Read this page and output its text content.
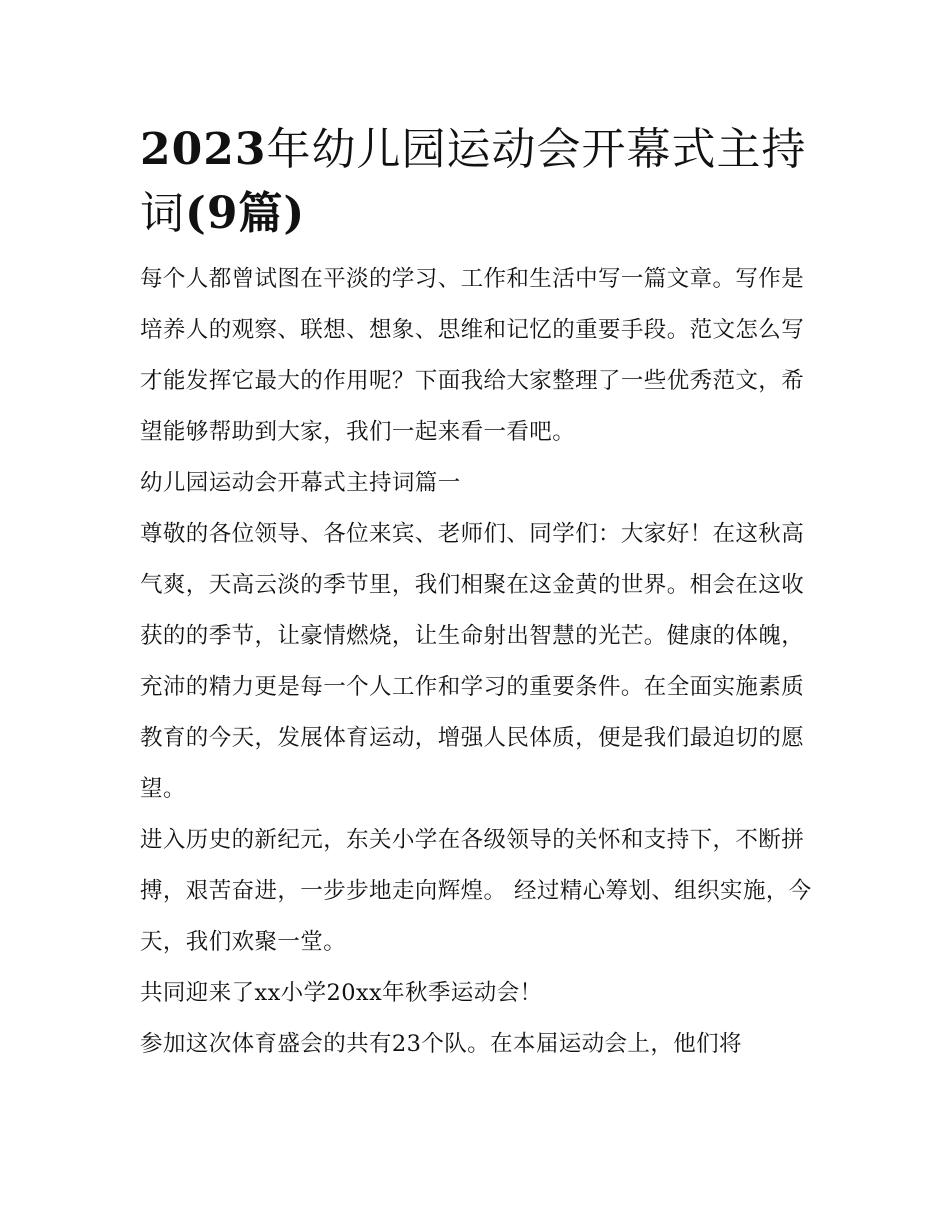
2023年幼儿园运动会开幕式主持词(9篇)

每个人都曾试图在平淡的学习、工作和生活中写一篇文章。写作是培养人的观察、联想、想象、思维和记忆的重要手段。范文怎么写才能发挥它最大的作用呢？下面我给大家整理了一些优秀范文，希望能够帮助到大家，我们一起来看一看吧。

幼儿园运动会开幕式主持词篇一

尊敬的各位领导、各位来宾、老师们、同学们：大家好！在这秋高气爽，天高云淡的季节里，我们相聚在这金黄的世界。相会在这收获的的季节，让豪情燃烧，让生命射出智慧的光芒。健康的体魄，充沛的精力更是每一个人工作和学习的重要条件。在全面实施素质教育的今天，发展体育运动，增强人民体质，便是我们最迫切的愿望。

进入历史的新纪元，东关小学在各级领导的关怀和支持下，不断拼搏，艰苦奋进，一步步地走向辉煌。 经过精心筹划、组织实施，今天，我们欢聚一堂。

共同迎来了xx小学20xx年秋季运动会！

参加这次体育盛会的共有23个队。在本届运动会上，他们将
